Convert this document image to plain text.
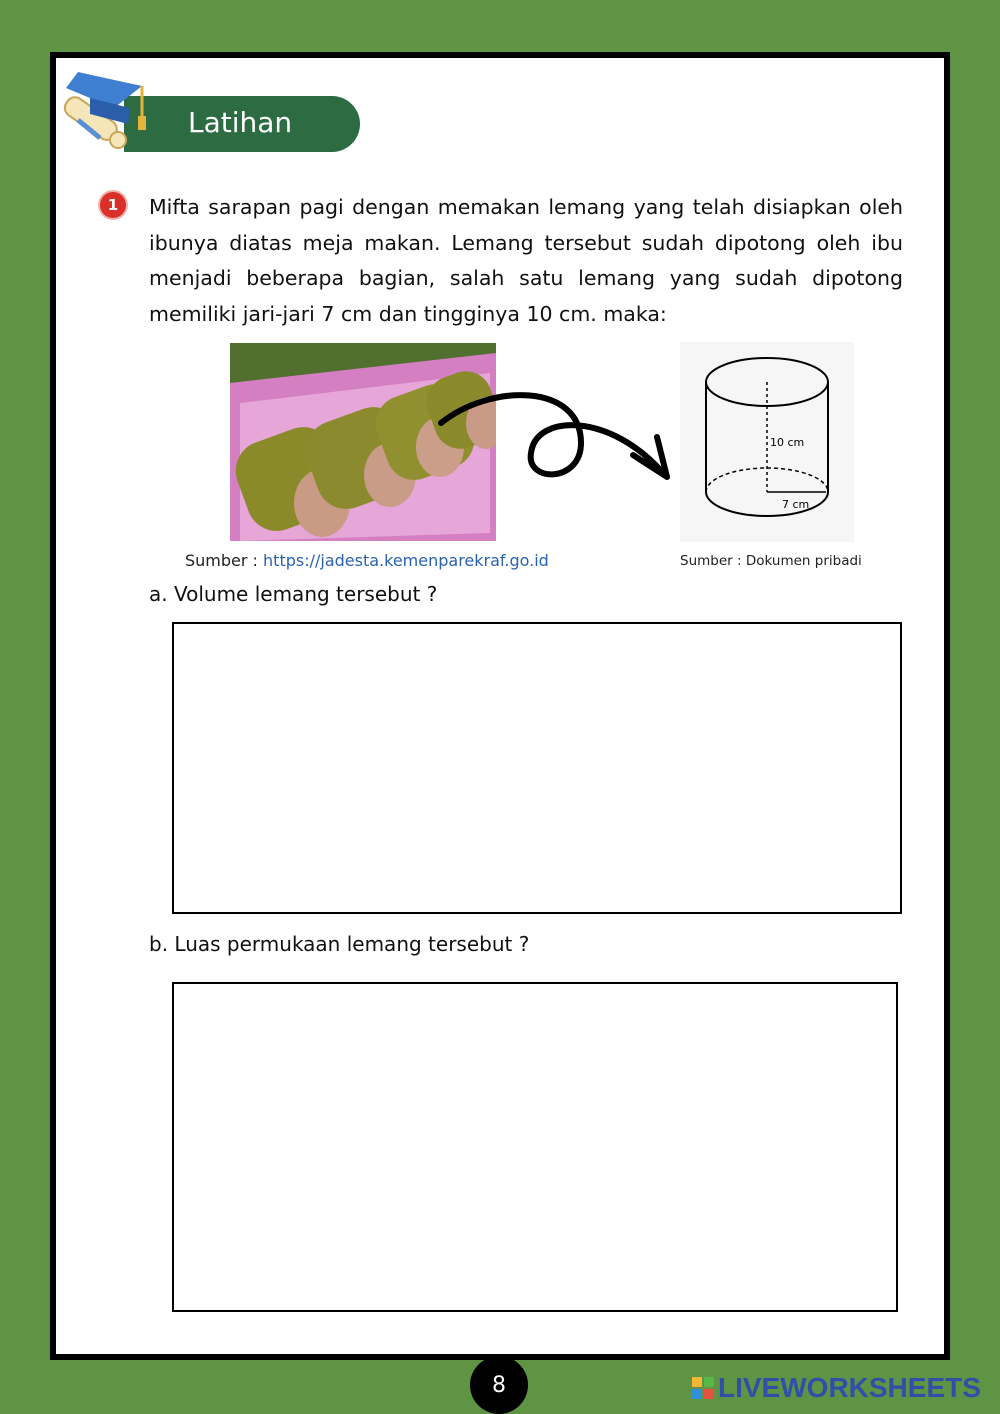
Latihan
1	Mifta sarapan pagi dengan memakan lemang yang telah disiapkan oleh ibunya diatas meja makan. Lemang tersebut sudah dipotong oleh ibu menjadi beberapa bagian, salah satu lemang yang sudah dipotong memiliki jari-jari 7 cm dan tingginya 10 cm. maka:
10 cm
7 cm
Sumber : https://jadesta.kemenparekraf.go.id	Sumber : Dokumen pribadi
a. Volume lemang tersebut ?
b. Luas permukaan lemang tersebut ?
8	LIVEWORKSHEETS
